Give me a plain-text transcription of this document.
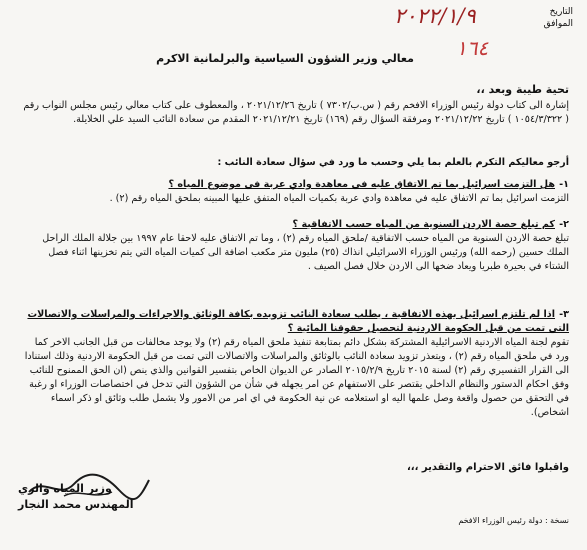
التاريخ
الموافق
٢٠٢٢/١/٩
١٦٤
معالي وزير الشؤون السياسية والبرلمانية الاكرم
تحية طيبة وبعد ،،
إشارة الى كتاب دولة رئيس الوزراء الافخم رقم ( س.ب/٧٣٠٢ ) تاريخ ٢٠٢١/١٢/٢٦ ، والمعطوف على كتاب معالي رئيس مجلس النواب رقم ( ١٠٥٤/٣/٣٢٢ ) تاريخ ٢٠٢١/١٢/٢٢ ومرفقة السؤال رقم (١٦٩) تاريخ ٢٠٢١/١٢/٢١ المقدم من سعادة النائب السيد علي الخلايلة.
أرجو معاليكم التكرم بالعلم بما يلي وحسب ما ورد في سؤال سعادة النائب :
١-هل التزمت اسرائيل بما تم الاتفاق عليه في معاهدة وادي عربة في موضوع المياه ؟
التزمت اسرائيل بما تم الاتفاق عليه في معاهدة وادي عربة بكميات المياه المتفق عليها المبينه بملحق المياه رقم (٢) .
٢-كم تبلغ حصة الاردن السنوية من المياه حسب الاتفاقية ؟
تبلغ حصة الاردن السنوية من المياه حسب الاتفاقية /ملحق المياه رقم (٢) ، وما تم الاتفاق عليه لاحقا عام ١٩٩٧ بين جلالة الملك الراحل الملك حسين (رحمه الله) ورئيس الوزراء الاسرائيلي انذاك (٢٥) مليون متر مكعب اضافة الى كميات المياه التي يتم تخزينها اثناء فصل الشتاء في بحيرة طبريا ويعاد ضخها الى الاردن خلال فصل الصيف .
٣-اذا لم تلتزم اسرائيل بهذه الاتفاقية ، يطلب سعادة النائب تزويده بكافة الوثائق والاجراءات والمراسلات والاتصالات التي تمت من قبل الحكومة الاردنية لتحصيل حقوقنا المائية ؟
تقوم لجنة المياه الاردنية الاسرائيلية المشتركة بشكل دائم بمتابعة تنفيذ ملحق المياه رقم (٢) ولا يوجد مخالفات من قبل الجانب الاخر كما ورد في ملحق المياه رقم (٢) ، ويتعذر تزويد سعادة النائب بالوثائق والمراسلات والاتصالات التي تمت من قبل الحكومة الاردنية وذلك استنادا الى القرار التفسيري رقم (٢) لسنة ٢٠١٥ تاريخ ٢٠١٥/٢/٩ الصادر عن الديوان الخاص بتفسير القوانين والذي ينص (ان الحق الممنوح للنائب وفق احكام الدستور والنظام الداخلي يقتصر على الاستفهام عن امر يجهله في شأن من الشؤون التي تدخل في اختصاصات الوزراء او رغبة في التحقق من حصول واقعة وصل علمها اليه او استعلامه عن نية الحكومة في اي امر من الامور ولا يشمل طلب وثائق او ذكر اسماء اشخاص).
واقبلوا فائق الاحترام والتقدير ،،،
وزير المياه والري
المهندس محمد النجار
نسخة : دولة رئيس الوزراء الافخم
